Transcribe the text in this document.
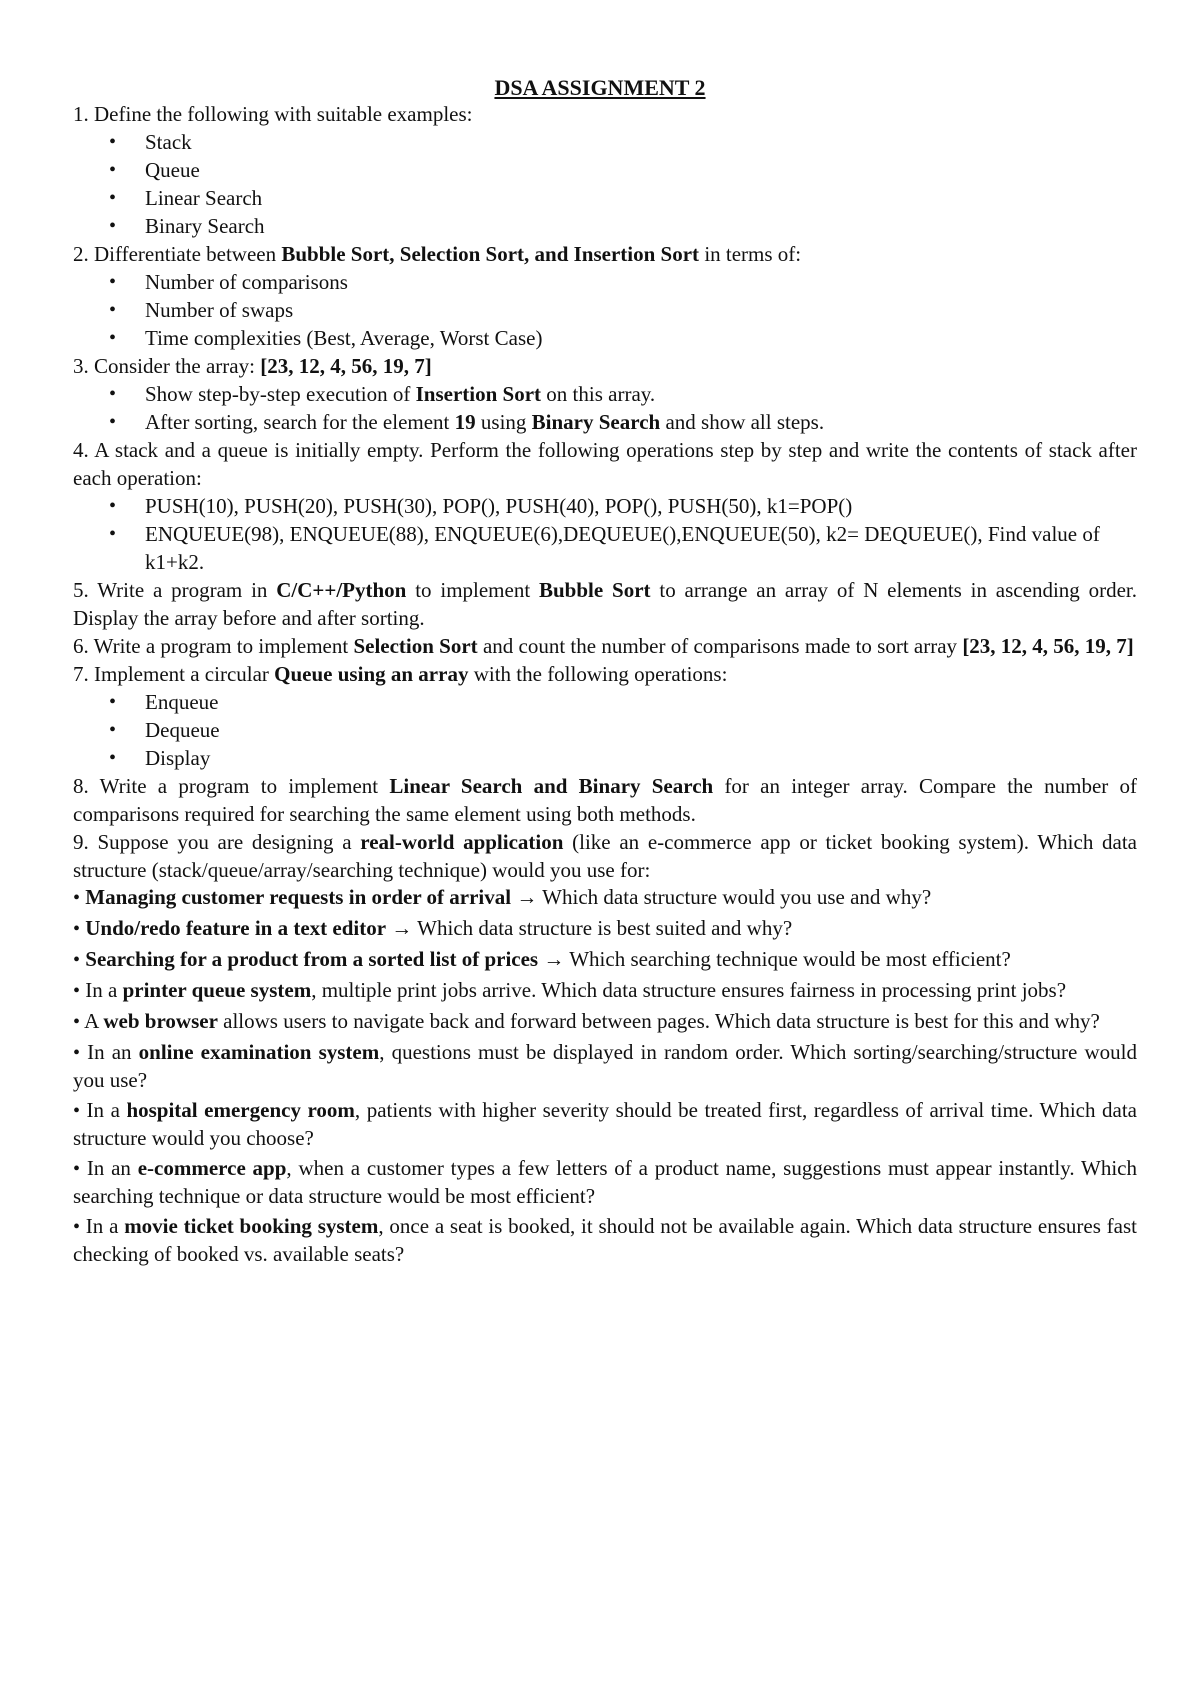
DSA ASSIGNMENT 2

1. Define the following with suitable examples:

• Stack
• Queue
• Linear Search
• Binary Search

2. Differentiate between Bubble Sort, Selection Sort, and Insertion Sort in terms of:

• Number of comparisons
• Number of swaps
• Time complexities (Best, Average, Worst Case)

3. Consider the array: [23, 12, 4, 56, 19, 7]

• Show step-by-step execution of Insertion Sort on this array.
• After sorting, search for the element 19 using Binary Search and show all steps.

4. A stack and a queue is initially empty. Perform the following operations step by step and write the contents of stack after each operation:

• PUSH(10), PUSH(20), PUSH(30), POP(), PUSH(40), POP(), PUSH(50), k1=POP()
• ENQUEUE(98), ENQUEUE(88), ENQUEUE(6),DEQUEUE(),ENQUEUE(50), k2= DEQUEUE(), Find value of k1+k2.

5. Write a program in C/C++/Python to implement Bubble Sort to arrange an array of N elements in ascending order. Display the array before and after sorting.

6. Write a program to implement Selection Sort and count the number of comparisons made to sort array [23, 12, 4, 56, 19, 7]

7. Implement a circular Queue using an array with the following operations:

• Enqueue
• Dequeue
• Display

8. Write a program to implement Linear Search and Binary Search for an integer array. Compare the number of comparisons required for searching the same element using both methods.

9. Suppose you are designing a real-world application (like an e-commerce app or ticket booking system). Which data structure (stack/queue/array/searching technique) would you use for:

• Managing customer requests in order of arrival → Which data structure would you use and why?

• Undo/redo feature in a text editor → Which data structure is best suited and why?

• Searching for a product from a sorted list of prices → Which searching technique would be most efficient?

• In a printer queue system, multiple print jobs arrive. Which data structure ensures fairness in processing print jobs?

• A web browser allows users to navigate back and forward between pages. Which data structure is best for this and why?

• In an online examination system, questions must be displayed in random order. Which sorting/searching/structure would you use?

• In a hospital emergency room, patients with higher severity should be treated first, regardless of arrival time. Which data structure would you choose?

• In an e-commerce app, when a customer types a few letters of a product name, suggestions must appear instantly. Which searching technique or data structure would be most efficient?

• In a movie ticket booking system, once a seat is booked, it should not be available again. Which data structure ensures fast checking of booked vs. available seats?
